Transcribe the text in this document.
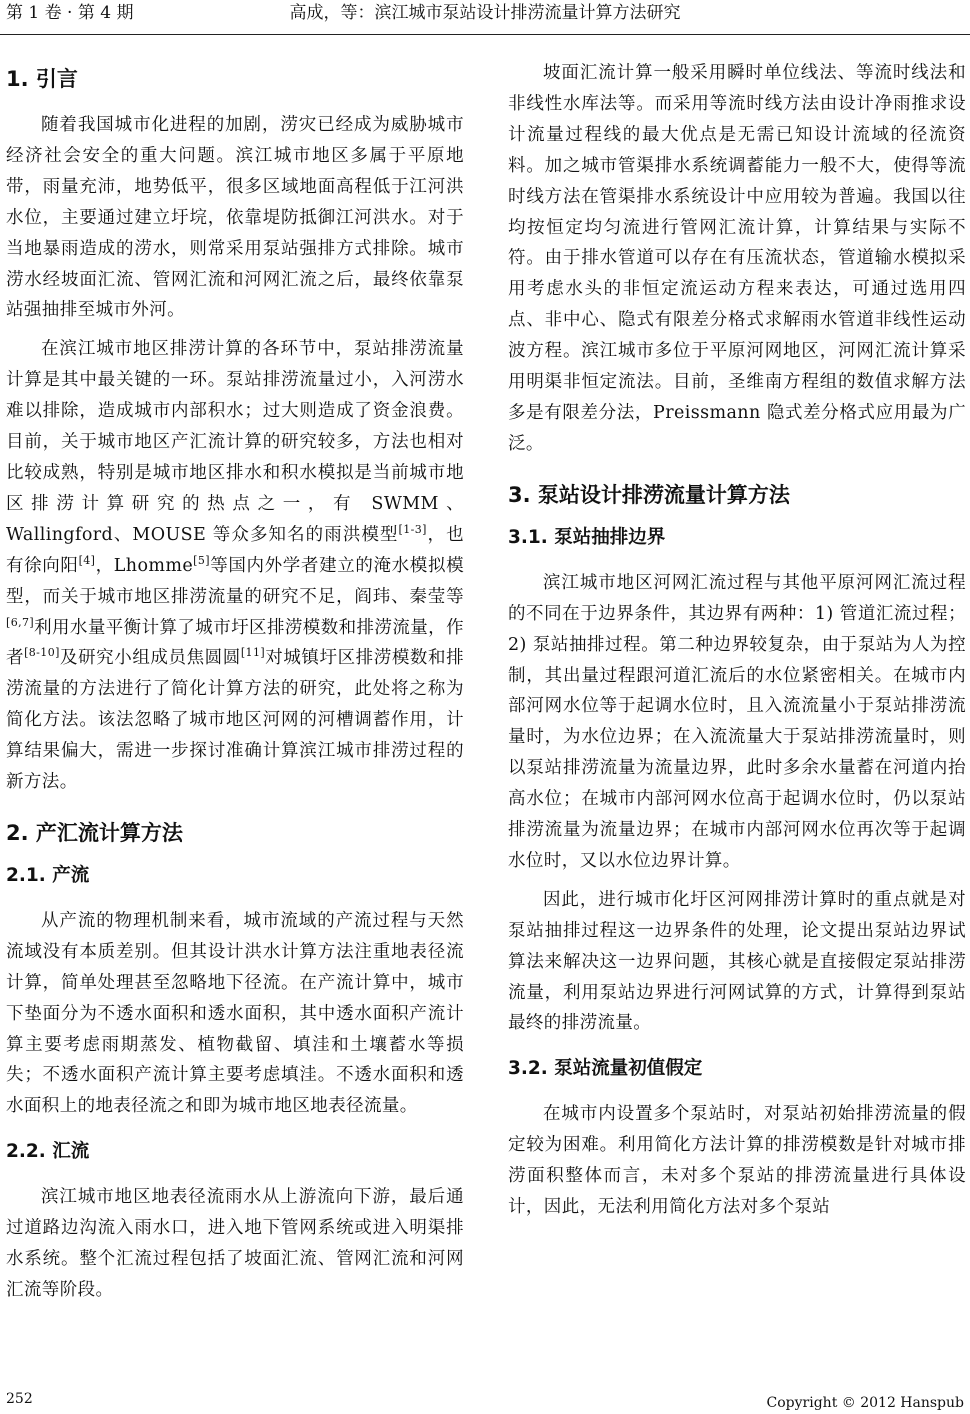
第 1 卷 · 第 4 期	高成，等：滨江城市泵站设计排涝流量计算方法研究
1. 引言

随着我国城市化进程的加剧，涝灾已经成为威胁城市经济社会安全的重大问题。滨江城市地区多属于平原地带，雨量充沛，地势低平，很多区域地面高程低于江河洪水位，主要通过建立圩垸，依靠堤防抵御江河洪水。对于当地暴雨造成的涝水，则常采用泵站强排方式排除。城市涝水经坡面汇流、管网汇流和河网汇流之后，最终依靠泵站强抽排至城市外河。

在滨江城市地区排涝计算的各环节中，泵站排涝流量计算是其中最关键的一环。泵站排涝流量过小，入河涝水难以排除，造成城市内部积水；过大则造成了资金浪费。目前，关于城市地区产汇流计算的研究较多，方法也相对比较成熟，特别是城市地区排水和积水模拟是当前城市地区排涝计算研究的热点之一，有 SWMM、Wallingford、MOUSE 等众多知名的雨洪模型[1-3]，也有徐向阳[4]，Lhomme[5]等国内外学者建立的淹水模拟模型，而关于城市地区排涝流量的研究不足，阎玮、秦莹等[6,7]利用水量平衡计算了城市圩区排涝模数和排涝流量，作者[8-10]及研究小组成员焦圆圆[11]对城镇圩区排涝模数和排涝流量的方法进行了简化计算方法的研究，此处将之称为简化方法。该法忽略了城市地区河网的河槽调蓄作用，计算结果偏大，需进一步探讨准确计算滨江城市排涝过程的新方法。

2. 产汇流计算方法
2.1. 产流

从产流的物理机制来看，城市流域的产流过程与天然流域没有本质差别。但其设计洪水计算方法注重地表径流计算，简单处理甚至忽略地下径流。在产流计算中，城市下垫面分为不透水面积和透水面积，其中透水面积产流计算主要考虑雨期蒸发、植物截留、填洼和土壤蓄水等损失；不透水面积产流计算主要考虑填洼。不透水面积和透水面积上的地表径流之和即为城市地区地表径流量。

2.2. 汇流

滨江城市地区地表径流雨水从上游流向下游，最后通过道路边沟流入雨水口，进入地下管网系统或进入明渠排水系统。整个汇流过程包括了坡面汇流、管网汇流和河网汇流等阶段。

坡面汇流计算一般采用瞬时单位线法、等流时线法和非线性水库法等。而采用等流时线方法由设计净雨推求设计流量过程线的最大优点是无需已知设计流域的径流资料。加之城市管渠排水系统调蓄能力一般不大，使得等流时线方法在管渠排水系统设计中应用较为普遍。我国以往均按恒定均匀流进行管网汇流计算，计算结果与实际不符。由于排水管道可以存在有压流状态，管道输水模拟采用考虑水头的非恒定流运动方程来表达，可通过选用四点、非中心、隐式有限差分格式求解雨水管道非线性运动波方程。滨江城市多位于平原河网地区，河网汇流计算采用明渠非恒定流法。目前，圣维南方程组的数值求解方法多是有限差分法，Preissmann 隐式差分格式应用最为广泛。

3. 泵站设计排涝流量计算方法
3.1. 泵站抽排边界

滨江城市地区河网汇流过程与其他平原河网汇流过程的不同在于边界条件，其边界有两种：1) 管道汇流过程；2) 泵站抽排过程。第二种边界较复杂，由于泵站为人为控制，其出量过程跟河道汇流后的水位紧密相关。在城市内部河网水位等于起调水位时，且入流流量小于泵站排涝流量时，为水位边界；在入流流量大于泵站排涝流量时，则以泵站排涝流量为流量边界，此时多余水量蓄在河道内抬高水位；在城市内部河网水位高于起调水位时，仍以泵站排涝流量为流量边界；在城市内部河网水位再次等于起调水位时，又以水位边界计算。

因此，进行城市化圩区河网排涝计算时的重点就是对泵站抽排过程这一边界条件的处理，论文提出泵站边界试算法来解决这一边界问题，其核心就是直接假定泵站排涝流量，利用泵站边界进行河网试算的方式，计算得到泵站最终的排涝流量。

3.2. 泵站流量初值假定

在城市内设置多个泵站时，对泵站初始排涝流量的假定较为困难。利用简化方法计算的排涝模数是针对城市排涝面积整体而言，未对多个泵站的排涝流量进行具体设计，因此，无法利用简化方法对多个泵站

252	Copyright © 2012 Hanspub
